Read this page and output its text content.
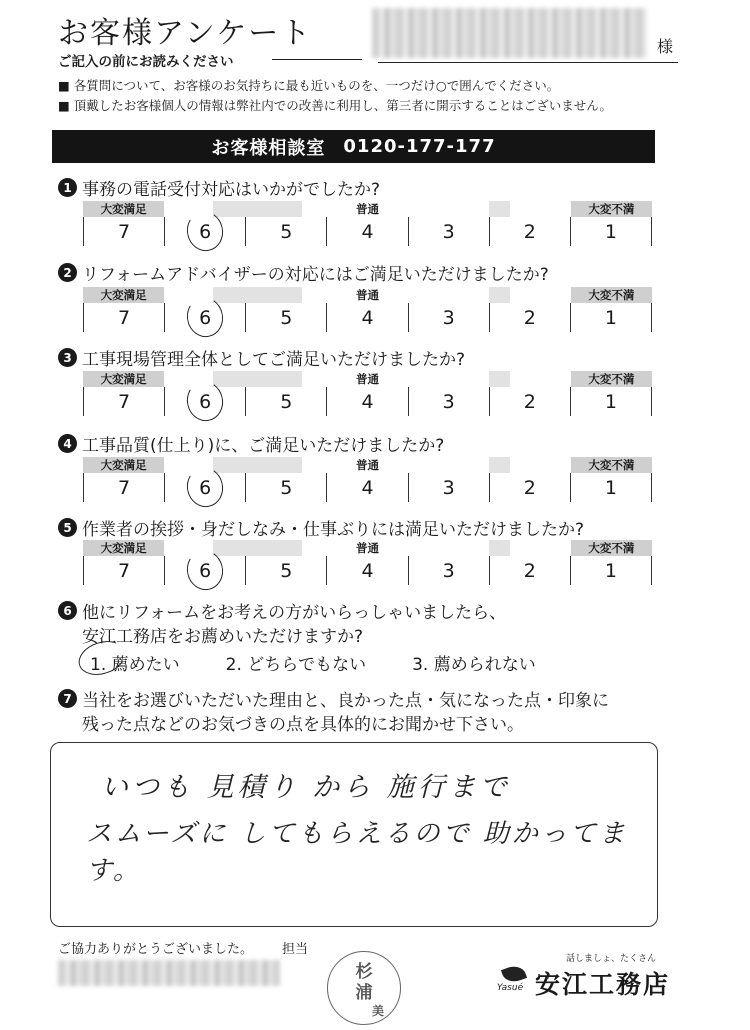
お客様アンケート	様
ご記入の前にお読みください
■ 各質問について、お客様のお気持ちに最も近いものを、一つだけ○で囲んでください。
■ 頂戴したお客様個人の情報は弊社内での改善に利用し、第三者に開示することはございません。
お客様相談室 0120-177-177
1 事務の電話受付対応はいかがでしたか?
大変満足	普通	大変不満
7	6	5	4	3	2	1
2 リフォームアドバイザーの対応にはご満足いただけましたか?
大変満足	普通	大変不満
7	6	5	4	3	2	1
3 工事現場管理全体としてご満足いただけましたか?
大変満足	普通	大変不満
7	6	5	4	3	2	1
4 工事品質(仕上り)に、ご満足いただけましたか?
大変満足	普通	大変不満
7	6	5	4	3	2	1
5 作業者の挨拶・身だしなみ・仕事ぶりには満足いただけましたか?
大変満足	普通	大変不満
7	6	5	4	3	2	1
6 他にリフォームをお考えの方がいらっしゃいましたら、
安江工務店をお薦めいただけますか?
1. 薦めたい	2. どちらでもない	3. 薦められない
7 当社をお選びいただいた理由と、良かった点・気になった点・印象に
残った点などのお気づきの点を具体的にお聞かせ下さい。
いつも 見積り から 施行まで
スムーズに してもらえるので 助かってます。
ご協力ありがとうございました。 担当
杉
浦
美
話しましょ、たくさん
Yasué 安江工務店
